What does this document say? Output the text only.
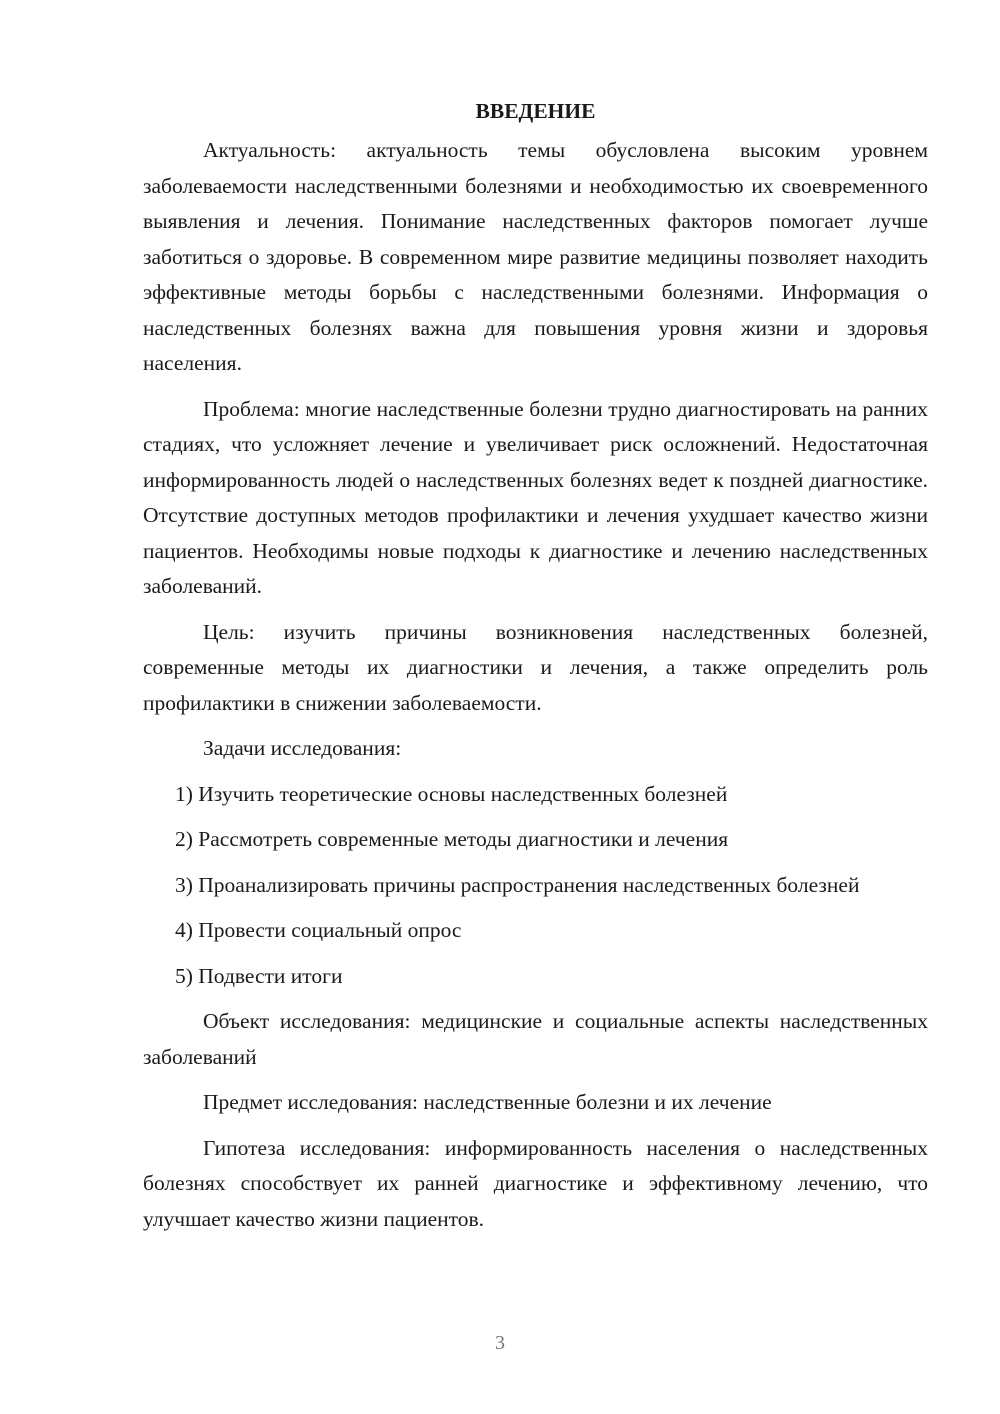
ВВЕДЕНИЕ

Актуальность: актуальность темы обусловлена высоким уровнем заболеваемости наследственными болезнями и необходимостью их своевременного выявления и лечения. Понимание наследственных факторов помогает лучше заботиться о здоровье. В современном мире развитие медицины позволяет находить эффективные методы борьбы с наследственными болезнями. Информация о наследственных болезнях важна для повышения уровня жизни и здоровья населения.

Проблема: многие наследственные болезни трудно диагностировать на ранних стадиях, что усложняет лечение и увеличивает риск осложнений. Недостаточная информированность людей о наследственных болезнях ведет к поздней диагностике. Отсутствие доступных методов профилактики и лечения ухудшает качество жизни пациентов. Необходимы новые подходы к диагностике и лечению наследственных заболеваний.

Цель: изучить причины возникновения наследственных болезней, современные методы их диагностики и лечения, а также определить роль профилактики в снижении заболеваемости.

Задачи исследования:

1) Изучить теоретические основы наследственных болезней

2) Рассмотреть современные методы диагностики и лечения

3) Проанализировать причины распространения наследственных болезней

4) Провести социальный опрос

5) Подвести итоги

Объект исследования: медицинские и социальные аспекты наследственных заболеваний

Предмет исследования: наследственные болезни и их лечение

Гипотеза исследования: информированность населения о наследственных болезнях способствует их ранней диагностике и эффективному лечению, что улучшает качество жизни пациентов.

3
